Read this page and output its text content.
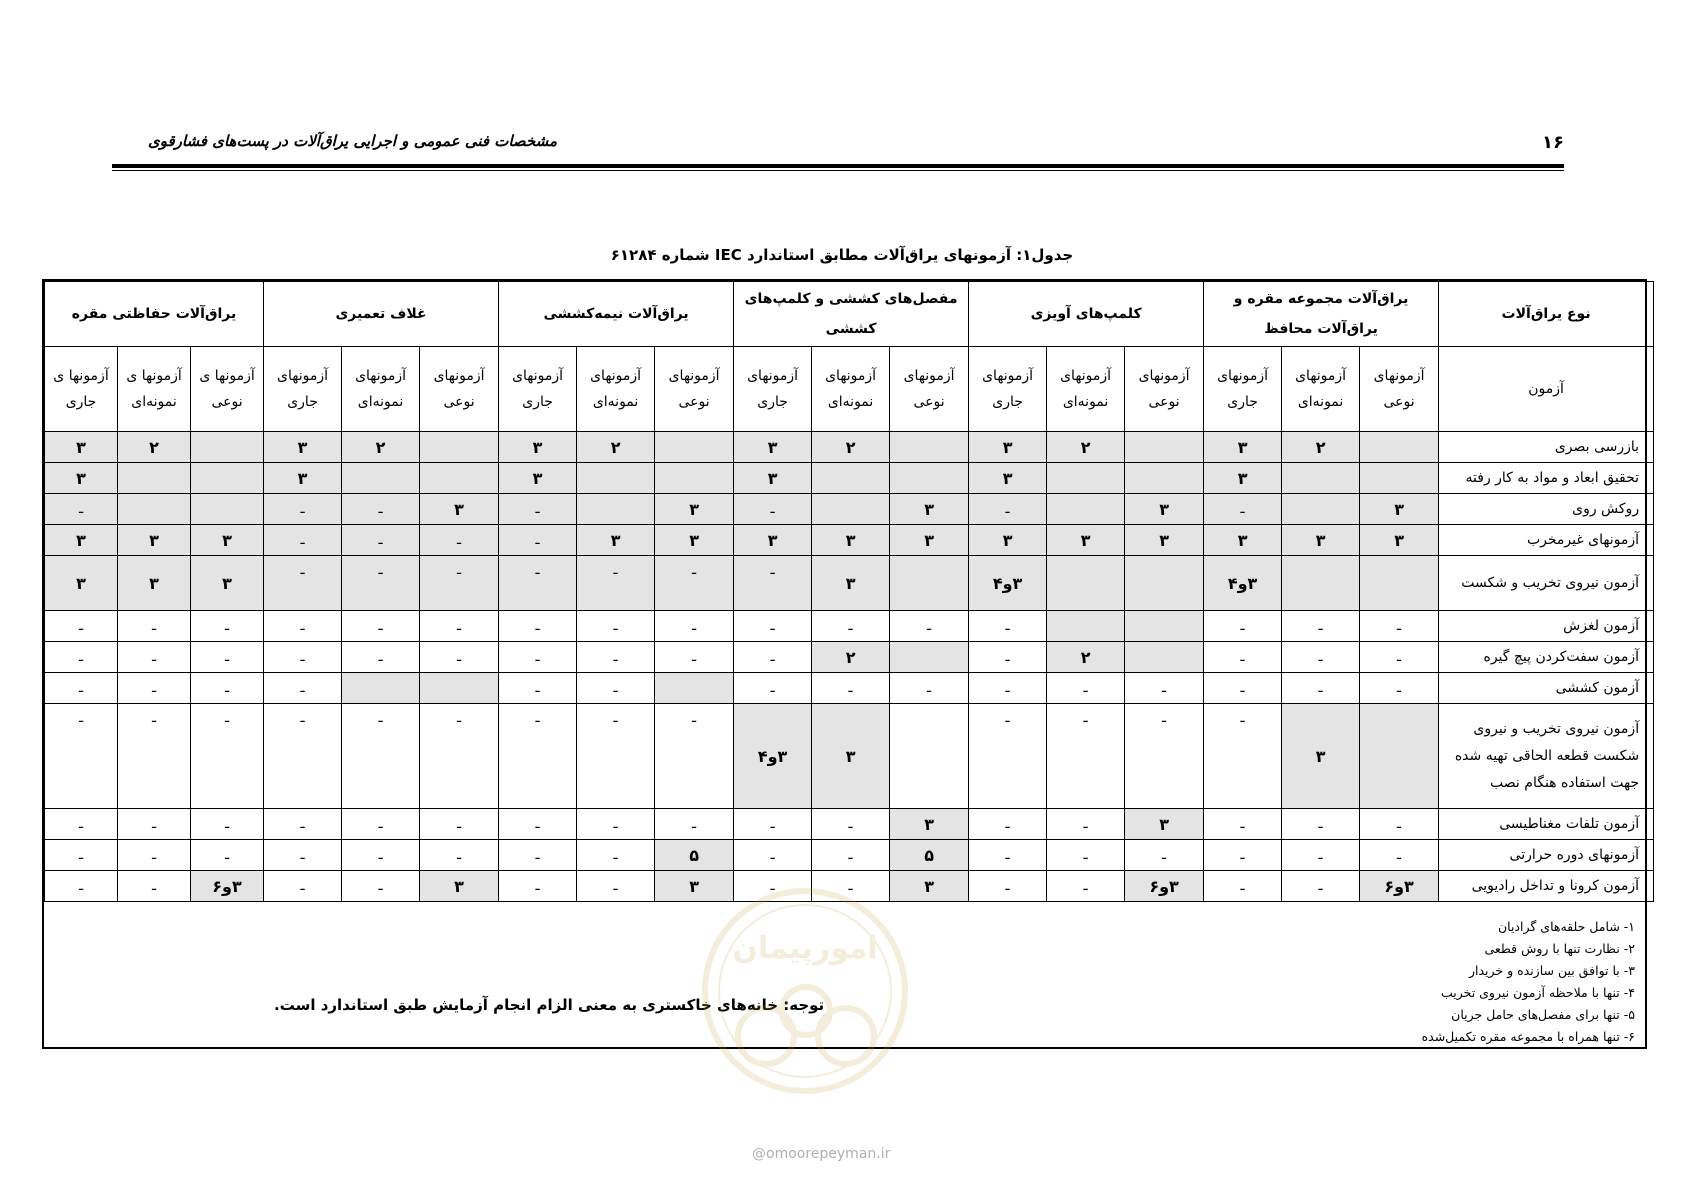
مشخصات فنی عمومی و اجرایی یراق‌آلات در پست‌های فشارقوی	۱۶
جدول۱: آزمونهای یراق‌آلات مطابق استاندارد IEC شماره ۶۱۲۸۴
نوع یراق‌آلات	یراق‌آلات مجموعه مقره و یراق‌آلات محافظ			کلمپ‌های آویزی			مفصل‌های کششی و کلمپ‌های کششی			یراق‌آلات نیمه‌کششی			غلاف تعمیری			یراق‌آلات حفاظتی مقره		
آزمون	آزمونهای نوعی	آزمونهای نمونه‌ای	آزمونهای جاری	آزمونهای نوعی	آزمونهای نمونه‌ای	آزمونهای جاری	آزمونهای نوعی	آزمونهای نمونه‌ای	آزمونهای جاری	آزمونهای نوعی	آزمونهای نمونه‌ای	آزمونهای جاری	آزمونهای نوعی	آزمونهای نمونه‌ای	آزمونهای جاری	آزمونها ی نوعی	آزمونها ی نمونه‌ای	آزمونها ی جاری
بازرسی بصری		۲	۳		۲	۳		۲	۳		۲	۳		۲	۳		۲	۳
تحقیق ابعاد و مواد به کار رفته			۳			۳			۳			۳			۳			۳
روکش روی	۳		ـ	۳		ـ	۳		ـ	۳		ـ	۳	ـ	ـ			ـ
آزمونهای غیرمخرب	۳	۳	۳	۳	۳	۳	۳	۳	۳	۳	۳	ـ	ـ	ـ	ـ	۳	۳	۳
آزمون نیروی تخریب و شکست			۳و۴			۳و۴		۳	ـ	ـ	ـ	ـ	ـ	ـ	ـ	۳	۳	۳
آزمون لغزش	ـ	ـ	ـ			ـ	ـ	ـ	ـ	ـ	ـ	ـ	ـ	ـ	ـ	ـ	ـ	ـ
آزمون سفت‌کردن پیچ گیره	ـ	ـ	ـ		۲	ـ		۲	ـ	ـ	ـ	ـ	ـ	ـ	ـ	ـ	ـ	ـ
آزمون کششی	ـ	ـ	ـ	ـ	ـ	ـ	ـ	ـ	ـ		ـ	ـ			ـ	ـ	ـ	ـ
آزمون نیروی تخریب و نیروی شکست قطعه الحاقی تهیه شده جهت استفاده هنگام نصب		۳	ـ	ـ	ـ	ـ		۳	۳و۴	ـ	ـ	ـ	ـ	ـ	ـ	ـ	ـ	ـ
آزمون تلفات مغناطیسی	ـ	ـ	ـ	۳	ـ	ـ	۳	ـ	ـ	ـ	ـ	ـ	ـ	ـ	ـ	ـ	ـ	ـ
آزمونهای دوره حرارتی	ـ	ـ	ـ	ـ	ـ	ـ	۵	ـ	ـ	۵	ـ	ـ	ـ	ـ	ـ	ـ	ـ	ـ
آزمون کرونا و تداخل رادیویی	۳و۶	ـ	ـ	۳و۶	ـ	ـ	۳	ـ	ـ	۳	ـ	ـ	۳	ـ	ـ	۳و۶	ـ	ـ
۱- شامل حلقه‌های گرادیان
۲- نظارت تنها با روش قطعی
۳- با توافق بین سازنده و خریدار
۴- تنها با ملاحظه آزمون نیروی تخریب
۵- تنها برای مفصل‌های حامل جریان
۶- تنها همراه با مجموعه مقره تکمیل‌شده
توجه: خانه‌های خاکستری به معنی الزام انجام آزمایش طبق استاندارد است.
امورپیمان
@omoorepeyman.ir
